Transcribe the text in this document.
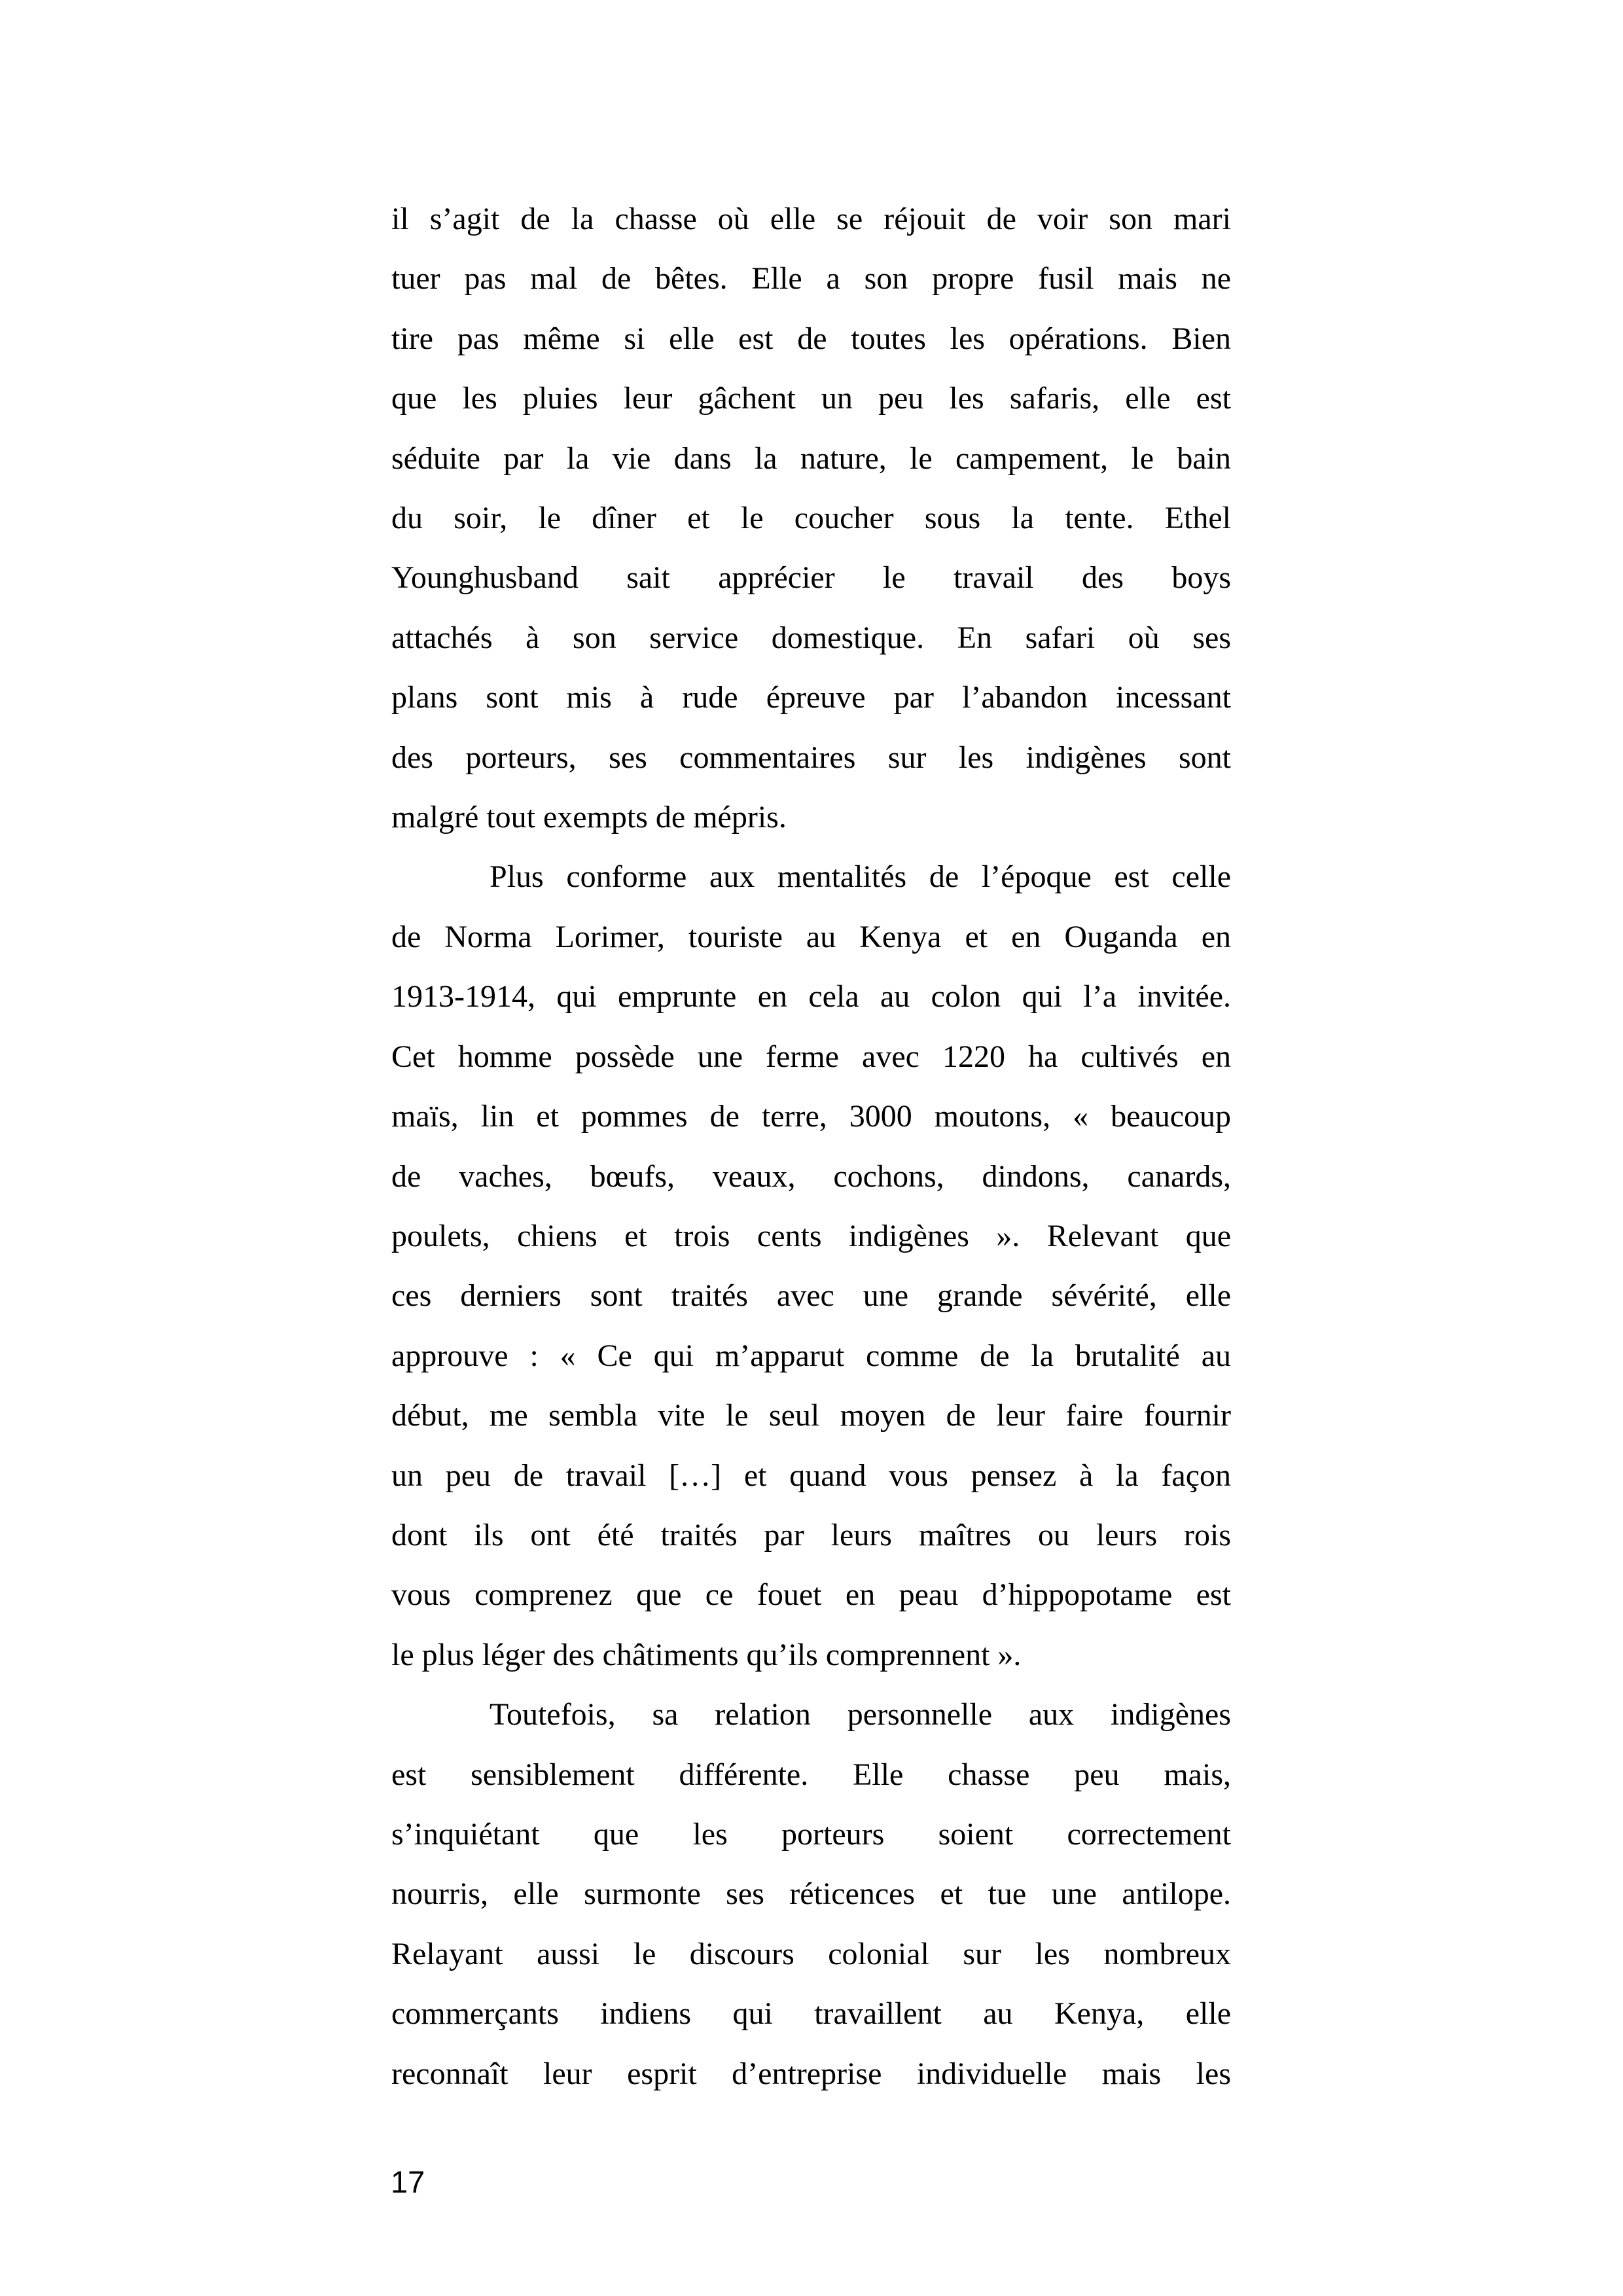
il s’agit de la chasse où elle se réjouit de voir son mari

tuer pas mal de bêtes. Elle a son propre fusil mais ne

tire pas même si elle est de toutes les opérations. Bien

que les pluies leur gâchent un peu les safaris, elle est

séduite par la vie dans la nature, le campement, le bain

du soir, le dîner et le coucher sous la tente. Ethel

Younghusband sait apprécier le travail des boys

attachés à son service domestique. En safari où ses

plans sont mis à rude épreuve par l’abandon incessant

des porteurs, ses commentaires sur les indigènes sont

malgré tout exempts de mépris.

Plus conforme aux mentalités de l’époque est celle

de Norma Lorimer, touriste au Kenya et en Ouganda en

1913-1914, qui emprunte en cela au colon qui l’a invitée.

Cet homme possède une ferme avec 1220 ha cultivés en

maïs, lin et pommes de terre, 3000 moutons, « beaucoup

de vaches, bœufs, veaux, cochons, dindons, canards,

poulets, chiens et trois cents indigènes ». Relevant que

ces derniers sont traités avec une grande sévérité, elle

approuve : « Ce qui m’apparut comme de la brutalité au

début, me sembla vite le seul moyen de leur faire fournir

un peu de travail […] et quand vous pensez à la façon

dont ils ont été traités par leurs maîtres ou leurs rois

vous comprenez que ce fouet en peau d’hippopotame est

le plus léger des châtiments qu’ils comprennent ».

Toutefois, sa relation personnelle aux indigènes

est sensiblement différente. Elle chasse peu mais,

s’inquiétant que les porteurs soient correctement

nourris, elle surmonte ses réticences et tue une antilope.

Relayant aussi le discours colonial sur les nombreux

commerçants indiens qui travaillent au Kenya, elle

reconnaît leur esprit d’entreprise individuelle mais les

17
